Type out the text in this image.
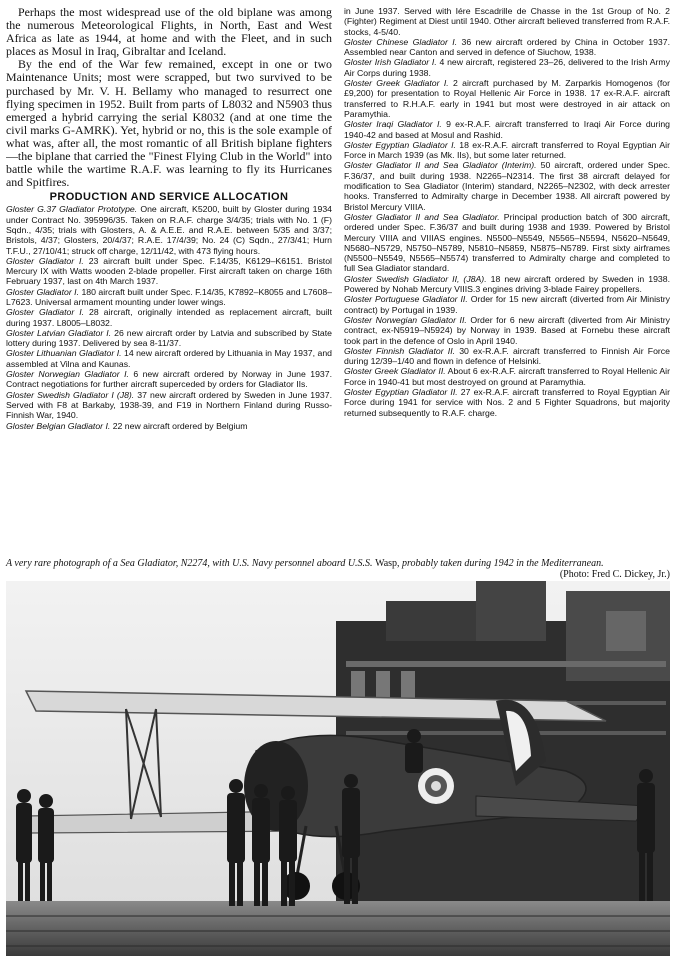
Perhaps the most widespread use of the old biplane was among the numerous Meteorological Flights, in North, East and West Africa as late as 1944, at home and with the Fleet, and in such places as Mosul in Iraq, Gibraltar and Iceland.

By the end of the War few remained, except in one or two Maintenance Units; most were scrapped, but two survived to be purchased by Mr. V. H. Bellamy who managed to resurrect one flying specimen in 1952. Built from parts of L8032 and N5903 thus emerged a hybrid carrying the serial K8032 (and at one time the civil marks G-AMRK). Yet, hybrid or no, this is the sole example of what was, after all, the most romantic of all British biplane fighters—the biplane that carried the "Finest Flying Club in the World" into battle while the wartime R.A.F. was learning to fly its Hurricanes and Spitfires.

PRODUCTION AND SERVICE ALLOCATION

Gloster G.37 Gladiator Prototype. One aircraft, K5200, built by Gloster during 1934 under Contract No. 395996/35. Taken on R.A.F. charge 3/4/35; trials with No. 1 (F) Sqdn., 4/35; trials with Glosters, A. & A.E.E. and R.A.E. between 5/35 and 3/37; Bristols, 4/37; Glosters, 20/4/37; R.A.E. 17/4/39; No. 24 (C) Sqdn., 27/3/41; Hurn T.F.U., 27/10/41; struck off charge, 12/11/42, with 473 flying hours.

Gloster Gladiator I. 23 aircraft built under Spec. F.14/35, K6129–K6151. Bristol Mercury IX with Watts wooden 2-blade propeller. First aircraft taken on charge 16th February 1937, last on 4th March 1937.

Gloster Gladiator I. 180 aircraft built under Spec. F.14/35, K7892–K8055 and L7608–L7623. Universal armament mounting under lower wings.

Gloster Gladiator I. 28 aircraft, originally intended as replacement aircraft, built during 1937. L8005–L8032.

Gloster Latvian Gladiator I. 26 new aircraft order by Latvia and subscribed by State lottery during 1937. Delivered by sea 8-11/37.

Gloster Lithuanian Gladiator I. 14 new aircraft ordered by Lithuania in May 1937, and assembled at Vilna and Kaunas.

Gloster Norwegian Gladiator I. 6 new aircraft ordered by Norway in June 1937. Contract negotiations for further aircraft superceded by orders for Gladiator IIs.

Gloster Swedish Gladiator I (J8). 37 new aircraft ordered by Sweden in June 1937. Served with F8 at Barkaby, 1938-39, and F19 in Northern Finland during Russo-Finnish War, 1940.

Gloster Belgian Gladiator I. 22 new aircraft ordered by Belgium

in June 1937. Served with Iére Escadrille de Chasse in the 1st Group of No. 2 (Fighter) Regiment at Diest until 1940. Other aircraft believed transferred from R.A.F. stocks, 4-5/40.

Gloster Chinese Gladiator I. 36 new aircraft ordered by China in October 1937. Assembled near Canton and served in defence of Siuchow, 1938.

Gloster Irish Gladiator I. 4 new aircraft, registered 23–26, delivered to the Irish Army Air Corps during 1938.

Gloster Greek Gladiator I. 2 aircraft purchased by M. Zarparkis Homogenos (for £9,200) for presentation to Royal Hellenic Air Force in 1938. 17 ex-R.A.F. aircraft transferred to R.H.A.F. early in 1941 but most were destroyed in air attack on Paramythia.

Gloster Iraqi Gladiator I. 9 ex-R.A.F. aircraft transferred to Iraqi Air Force during 1940-42 and based at Mosul and Rashid.

Gloster Egyptian Gladiator I. 18 ex-R.A.F. aircraft transferred to Royal Egyptian Air Force in March 1939 (as Mk. IIs), but some later returned.

Gloster Gladiator II and Sea Gladiator (Interim). 50 aircraft, ordered under Spec. F.36/37, and built during 1938. N2265–N2314. The first 38 aircraft delayed for modification to Sea Gladiator (Interim) standard, N2265–N2302, with deck arrester hooks. Transferred to Admiralty charge in December 1938. All aircraft powered by Bristol Mercury VIIIA.

Gloster Gladiator II and Sea Gladiator. Principal production batch of 300 aircraft, ordered under Spec. F.36/37 and built during 1938 and 1939. Powered by Bristol Mercury VIIIA and VIIIAS engines. N5500–N5549, N5565–N5594, N5620–N5649, N5680–N5729, N5750–N5789, N5810–N5859, N5875–N5789. First sixty airframes (N5500–N5549, N5565–N5574) transferred to Admiralty charge and completed to full Sea Gladiator standard.

Gloster Swedish Gladiator II, (J8A). 18 new aircraft ordered by Sweden in 1938. Powered by Nohab Mercury VIIIS.3 engines driving 3-blade Fairey propellers.

Gloster Portuguese Gladiator II. Order for 15 new aircraft (diverted from Air Ministry contract) by Portugal in 1939.

Gloster Norwegian Gladiator II. Order for 6 new aircraft (diverted from Air Ministry contract, ex-N5919–N5924) by Norway in 1939. Based at Fornebu these aircraft took part in the defence of Oslo in April 1940.

Gloster Finnish Gladiator II. 30 ex-R.A.F. aircraft transferred to Finnish Air Force during 12/39–1/40 and flown in defence of Helsinki.

Gloster Greek Gladiator II. About 6 ex-R.A.F. aircraft transferred to Royal Hellenic Air Force in 1940-41 but most destroyed on ground at Paramythia.

Gloster Egyptian Gladiator II. 27 ex-R.A.F. aircraft transferred to Royal Egyptian Air Force during 1941 for service with Nos. 2 and 5 Fighter Squadrons, but majority returned subsequently to R.A.F. charge.

A very rare photograph of a Sea Gladiator, N2274, with U.S. Navy personnel aboard U.S.S. Wasp, probably taken during 1942 in the Mediterranean.
(Photo: Fred C. Dickey, Jr.)
